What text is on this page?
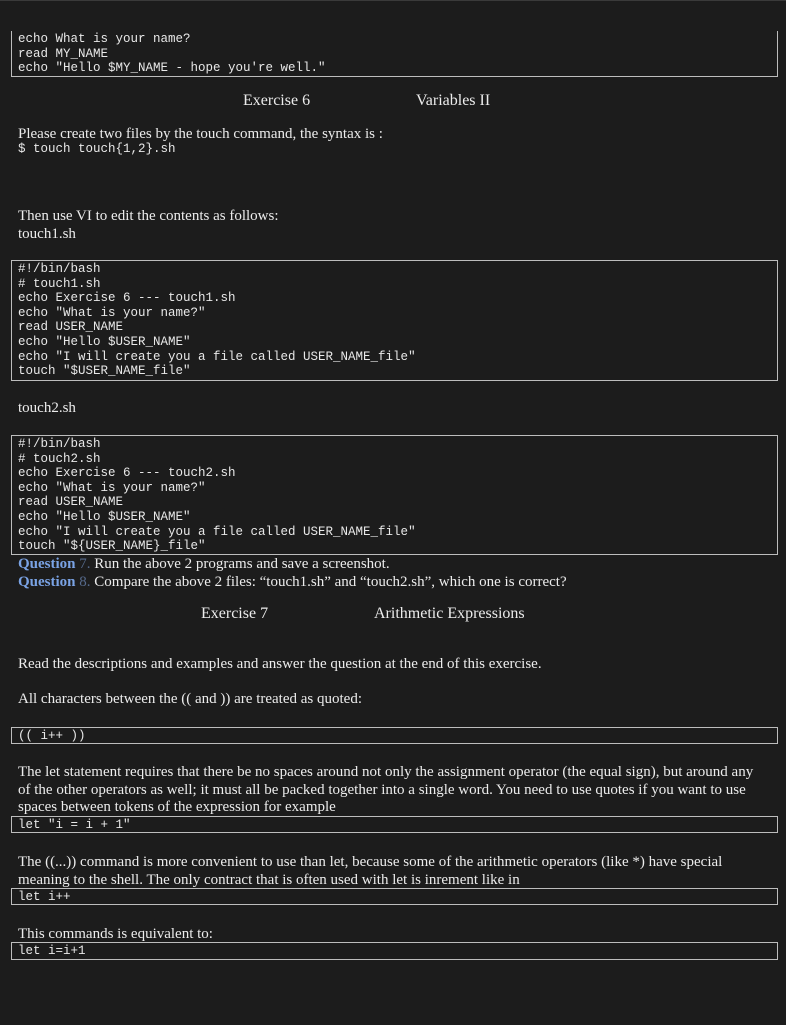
echo What is your name?
read MY_NAME
echo "Hello $MY_NAME - hope you're well."
Exercise 6	Variables II
Please create two files by the touch command, the syntax is :
$ touch touch{1,2}.sh
Then use VI to edit the contents as follows:
touch1.sh
#!/bin/bash
# touch1.sh
echo Exercise 6 --- touch1.sh
echo "What is your name?"
read USER_NAME
echo "Hello $USER_NAME"
echo "I will create you a file called USER_NAME_file"
touch "$USER_NAME_file"
touch2.sh
#!/bin/bash
# touch2.sh
echo Exercise 6 --- touch2.sh
echo "What is your name?"
read USER_NAME
echo "Hello $USER_NAME"
echo "I will create you a file called USER_NAME_file"
touch "${USER_NAME}_file"
Question 7. Run the above 2 programs and save a screenshot.
Question 8. Compare the above 2 files: “touch1.sh” and “touch2.sh”, which one is correct?
Exercise 7	Arithmetic Expressions
Read the descriptions and examples and answer the question at the end of this exercise.
All characters between the (( and )) are treated as quoted:
(( i++ ))
The let statement requires that there be no spaces around not only the assignment operator (the equal sign), but around any of the other operators as well; it must all be packed together into a single word. You need to use quotes if you want to use spaces between tokens of the expression for example
let "i = i + 1"
The ((...)) command is more convenient to use than let, because some of the arithmetic operators (like *) have special meaning to the shell. The only contract that is often used with let is inrement like in
let i++
This commands is equivalent to:
let i=i+1
